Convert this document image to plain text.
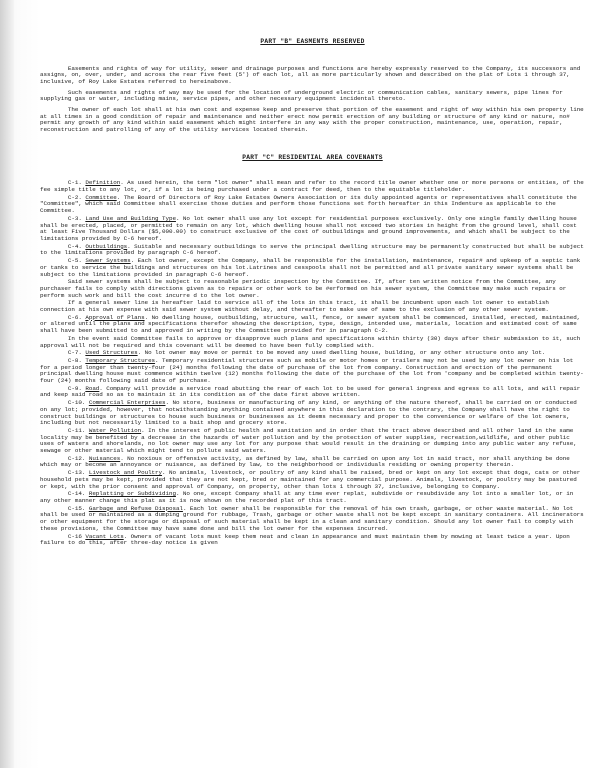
PART "B" EASMENTS RESERVED

Easements and rights of way for utility, sewer and drainage purposes and functions are hereby expressly reserved to the Company, its successors and assigns, on, over, under, and across the rear five feet (5') of each lot, all as more particularly shown and described on the plat of Lots 1 through 37, inclusive, of Roy Lake Estates referred to hereinabove.

Such easements and rights of way may be used for the location of underground electric or communication cables, sanitary sewers, pipe lines for supplying gas or water, including mains, service pipes, and other necessary equipment incidental thereto.

The owner of each lot shall at his own cost and expense keep and preserve that portion of the easement and right of way within his own property line at all times in a good condition of repair and maintenance and neither erect now permit erection of any building or structure of any kind or nature, no# permit any growth of any kind within said easement which might interfere in any way with the proper construction, maintenance, use, operation, repair, reconstruction and patrolling of any of the utility services located therein.

PART "C" RESIDENTIAL AREA COVENANTS

C-1. Definition. As used herein, the term "lot owner" shall mean and refer to the record title owner whether one or more persons or entities, of the fee simple title to any lot, or, if a lot is being purchased under a contract for deed, then to the equitable titleholder.

C-2. Committee. The Board of Directors of Roy Lake Estates Owners Association or its duly appointed agents or representatives shall constitute the "Committee", which said Committee shall exercise those duties and perform those functions set forth hereafter in this Indenture as applicable to the Committee.

C-3. Land Use and Building Type. No lot owner shall use any lot except for residential purposes exclusively. Only one single family dwelling house shall be erected, placed, or permitted to remain on any lot, which dwelling house shall not exceed two stories in height from the ground level, shall cost at least Five Thousand Dollars ($5,000.00) to construct exclusive of the cost of outbuildings and ground improvements, and which shall be subject to the limitations provided by C-6 hereof.

C-4. Outbuildings. Suitable and necessary outbuildings to serve the principal dwelling structure may be permanently constructed but shall be subject to the limitations provided by paragraph C-6 hereof.

C-5. Sewer Systems. Each lot owner, except the Company, shall be responsible for the installation, maintenance, repair# and upkeep of a septic tank or tanks to service the buildings and structures on his lot.Latrines and cesspools shall not be permitted and all private sanitary sewer systems shall be subject to the limitations provided in paragraph C-6 hereof.

Said sewer systems shall be subject to reasonable periodic inspection by the Committee. If, after ten written notice from the Committee, any purchaser fails to comply with directions given as to repairs or other work to be #erformed on his sewer system, the Committee may make such repairs or perform such work and bill the cost incurre d to the lot owner.

If a general sewer line is hereafter laid to service all of the lots in this tract, it shall be incumbent upon each lot owner to establish connection at his own expense with said sewer system without delay, and thereafter to make use of same to the exclusion of any other sewer system.

C-6. Approval of Plans. No dwelling house, outbuilding, structure, wall, fence, or sewer system shall be commenced, installed, erected, maintained, or altered until the plans and specifications therefor showing the description, type, design, intended use, materials, location and estimated cost of same shall have been submitted to and approved in writing by the Committee provided for in paragraph C-2.

In the event said Committee fails to approve or disapprove such plans and specifications within thirty (30) days after their submission to it, such approval will not be required and this covenant will be deemed to have been fully complied with.

C-7. Used Structures. No lot owner may move or permit to be moved any used dwelling house, building, or any other structure onto any lot.

C-8. Temporary Structures. Temporary residential structures such as mobile or motor homes or trailers may not be used by any lot owner on his lot for a period longer than twenty-four (24) months following the date of purchase of the lot from company. Construction and erection of the permanent principal dwelling house must commence within twelve (12) months following the date of the purchase of the lot from 'company and be completed within twenty-four (24) months following said date of purchase.

C-9. Road. Company will provide a service road abutting the rear of each lot to be used for general ingress and egress to all lots, and will repair and keep said road so as to maintain it in its condition as of the date first above written.

C-10. Commercial Enterprises. No store, business or manufacturing of any kind, or anything of the nature thereof, shall be carried on or conducted on any lot; provided, however, that notwithstanding anything contained anywhere in this declaration to the contrary, the Company shall have the right to construct buildings or structures to house such business or businesses as it deems necessary and proper to the convenience or welfare of the lot owners, including but not necessarily limited to a bait shop and grocery store.

C-11. Water Pollution. In the interest of public health and sanitation and in order that the tract above described and all other land in the same locality may be benefited by a decrease in the hazards of water pollution and by the protection of water supplies, recreation,wildlife, and other public uses of waters and shorelands, no lot owner may use any lot for any purpose that would result in the draining or dumping into any public water any refuse, sewage or other material which might tend to pollute said waters.

C-12. Nuisances. No noxious or offensive activity, as defined by law, shall be carried on upon any lot in said tract, nor shall anything be done which may or become an annoyance or nuisance, as defined by law, to the neighborhood or individuals residing or owning property therein.

C-13. Livestock and Poultry. No animals, livestock, or poultry of any kind shall be raised, bred or kept on any lot except that dogs, cats or other household pets may be kept, provided that they are not kept, bred or maintained for any commercial purpose. Animals, livestock, or poultry may be pastured or kept, with the prior consent and approval of Company, on property, other than lots 1 through 37, inclusive, belonging to Company.

C-14. Replatting or Subdividing. No one, except Company shall at any time ever replat, subdivide or resubdivide any lot into a smaller lot, or in any other manner change this plat as it is now shown on the recorded plat of this tract.

C-15. Garbage and Refuse Disposal. Each lot owner shall be responsible for the removal of his own trash, garbage, or other waste material. No lot shall be used or maintained as a dumping ground for rubbage, Trash, garbage or other waste shall not be kept except in sanitary containers. All incinerators or other equipment for the storage or disposal of such material shall be kept in a clean and sanitary condition. Should any lot owner fail to comply with these provisions, the Committee may have same done and bill the lot owner for the expenses incurred.

C-16 Vacant Lots. Owners of vacant lots must keep them neat and clean in appearance and must maintain them by mowing at least twice a year. Upon failure to do this, after three-day notice is given
